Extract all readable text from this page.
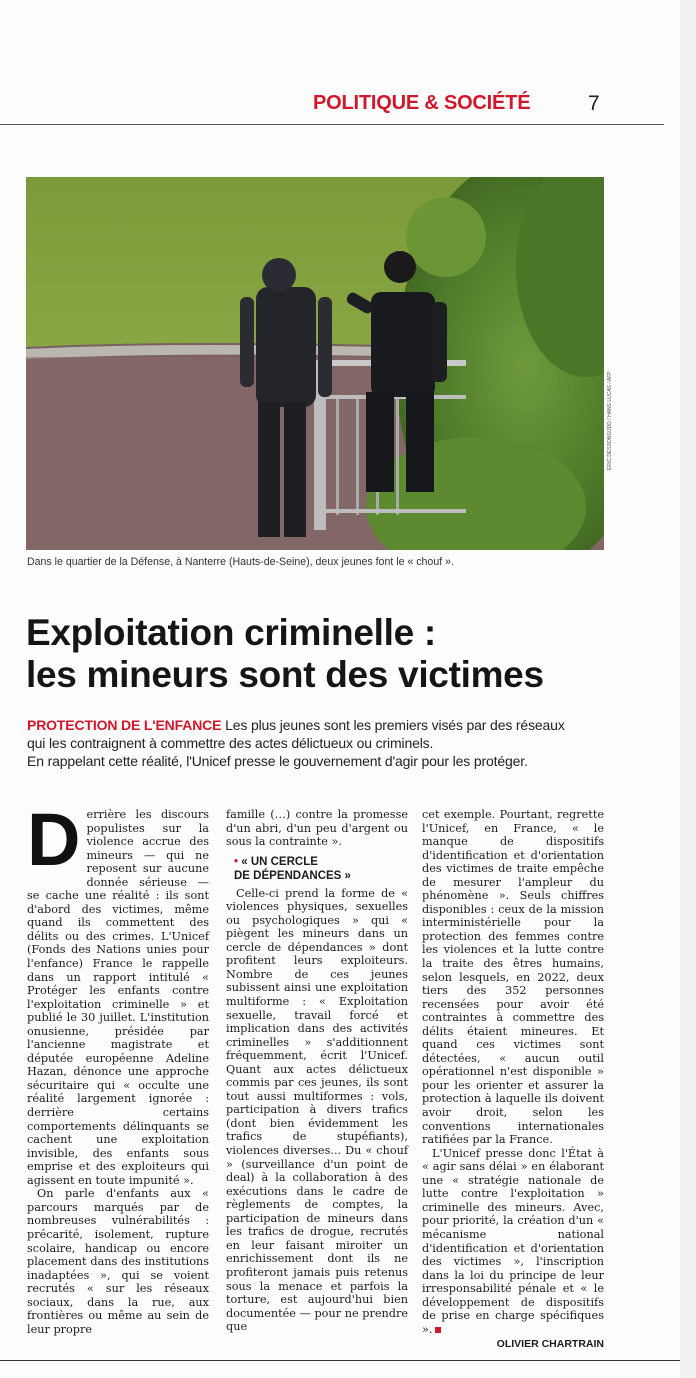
POLITIQUE & SOCIÉTÉ	7
ERIC DESSONS/JDD / HANS LUCAS / AFP
Dans le quartier de la Défense, à Nanterre (Hauts-de-Seine), deux jeunes font le « chouf ».
Exploitation criminelle :
les mineurs sont des victimes
PROTECTION DE L'ENFANCE Les plus jeunes sont les premiers visés par des réseaux
qui les contraignent à commettre des actes délictueux ou criminels.
En rappelant cette réalité, l'Unicef presse le gouvernement d'agir pour les protéger.
D errière les discours populistes sur la violence accrue des mineurs — qui ne reposent sur aucune donnée sérieuse — se cache une réalité : ils sont d'abord des victimes, même quand ils commettent des délits ou des crimes. L'Unicef (Fonds des Nations unies pour l'enfance) France le rappelle dans un rapport intitulé « Protéger les enfants contre l'exploitation criminelle » et publié le 30 juillet. L'institution onusienne, présidée par l'ancienne magistrate et députée européenne Adeline Hazan, dénonce une approche sécuritaire qui « occulte une réalité largement ignorée : derrière certains comportements délinquants se cachent une exploitation invisible, des enfants sous emprise et des exploiteurs qui agissent en toute impunité ».

On parle d'enfants aux « parcours marqués par de nombreuses vulnérabilités : précarité, isolement, rupture scolaire, handicap ou encore placement dans des institutions inadaptées », qui se voient recrutés « sur les réseaux sociaux, dans la rue, aux frontières ou même au sein de leur propre

famille (…) contre la promesse d'un abri, d'un peu d'argent ou sous la contrainte ».

• « UN CERCLE
DE DÉPENDANCES »

Celle-ci prend la forme de « violences physiques, sexuelles ou psychologiques » qui « piègent les mineurs dans un cercle de dépendances » dont profitent leurs exploiteurs. Nombre de ces jeunes subissent ainsi une exploitation multiforme : « Exploitation sexuelle, travail forcé et implication dans des activités criminelles » s'additionnent fréquemment, écrit l'Unicef. Quant aux actes délictueux commis par ces jeunes, ils sont tout aussi multiformes : vols, participation à divers trafics (dont bien évidemment les trafics de stupéfiants), violences diverses... Du « chouf » (surveillance d'un point de deal) à la collaboration à des exécutions dans le cadre de règlements de comptes, la participation de mineurs dans les trafics de drogue, recrutés en leur faisant miroiter un enrichissement dont ils ne profiteront jamais puis retenus sous la menace et parfois la torture, est aujourd'hui bien documentée — pour ne prendre que

cet exemple. Pourtant, regrette l'Unicef, en France, « le manque de dispositifs d'identification et d'orientation des victimes de traite empêche de mesurer l'ampleur du phénomène ». Seuls chiffres disponibles : ceux de la mission interministérielle pour la protection des femmes contre les violences et la lutte contre la traite des êtres humains, selon lesquels, en 2022, deux tiers des 352 personnes recensées pour avoir été contraintes à commettre des délits étaient mineures. Et quand ces victimes sont détectées, « aucun outil opérationnel n'est disponible » pour les orienter et assurer la protection à laquelle ils doivent avoir droit, selon les conventions internationales ratifiées par la France.

L'Unicef presse donc l'État à « agir sans délai » en élaborant une « stratégie nationale de lutte contre l'exploitation » criminelle des mineurs. Avec, pour priorité, la création d'un « mécanisme national d'identification et d'orientation des victimes », l'inscription dans la loi du principe de leur irresponsabilité pénale et « le développement de dispositifs de prise en charge spécifiques ».

OLIVIER CHARTRAIN
